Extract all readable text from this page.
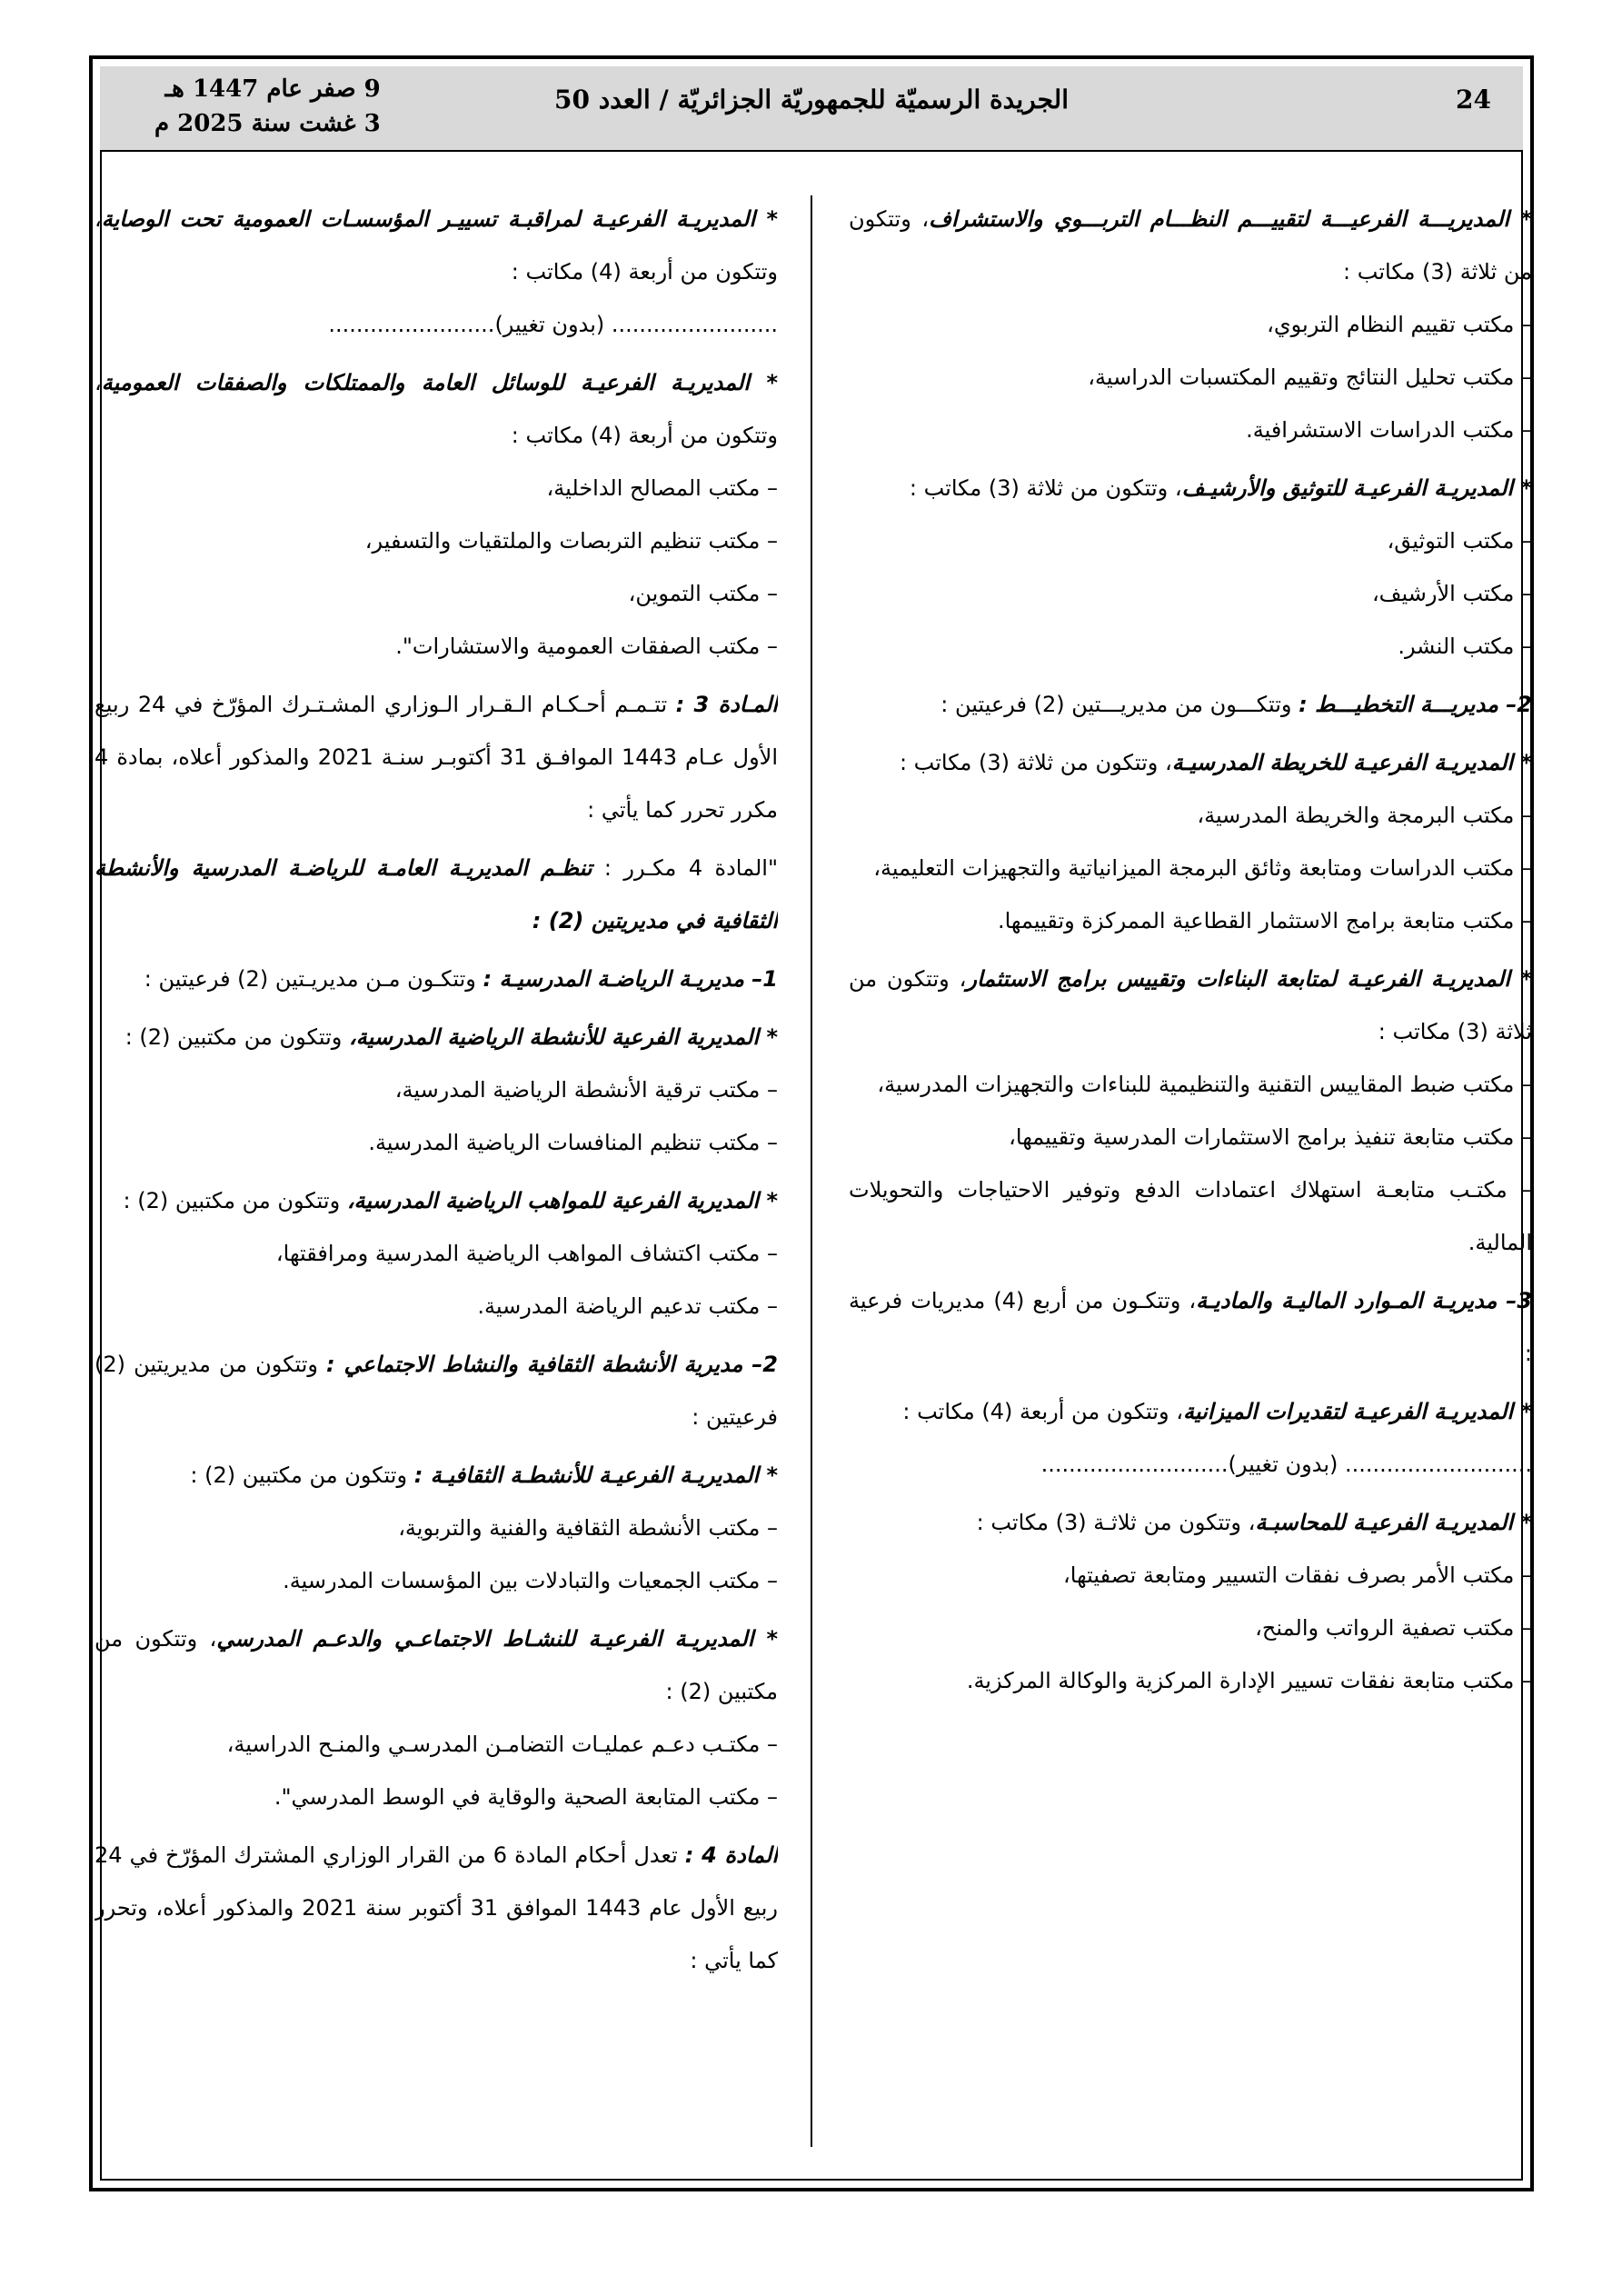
24
الجريدة الرسميّة للجمهوريّة الجزائريّة / العدد 50
9 صفر عام 1447 هـ
3 غشت سنة 2025 م

* المديريـــة الفرعيـــة لتقييـــم النظـــام التربـــوي والاستشراف، وتتكون من ثلاثة (3) مكاتب :

– مكتب تقييم النظام التربوي،

– مكتب تحليل النتائج وتقييم المكتسبات الدراسية،

– مكتب الدراسات الاستشرافية.

* المديريـة الفرعيـة للتوثيق والأرشيـف، وتتكون من ثلاثة (3) مكاتب :

– مكتب التوثيق،

– مكتب الأرشيف،

– مكتب النشر.

2– مديريـــة التخطيـــط : وتتكـــون من مديريـــتين (2) فرعيتين :

* المديريـة الفرعيـة للخريطة المدرسيـة، وتتكون من ثلاثة (3) مكاتب :

– مكتب البرمجة والخريطة المدرسية،

– مكتب الدراسات ومتابعة وثائق البرمجة الميزانياتية والتجهيزات التعليمية،

– مكتب متابعة برامج الاستثمار القطاعية الممركزة وتقييمها.

* المديريـة الفرعيـة لمتابعة البناءات وتقييس برامج الاستثمار، وتتكون من ثلاثة (3) مكاتب :

– مكتب ضبط المقاييس التقنية والتنظيمية للبناءات والتجهيزات المدرسية،

– مكتب متابعة تنفيذ برامج الاستثمارات المدرسية وتقييمها،

– مكتـب متابعـة استهلاك اعتمادات الدفع وتوفير الاحتياجات والتحويلات المالية.

3– مديريـة المـوارد الماليـة والماديـة، وتتكـون من أربع (4) مديريات فرعية :

* المديريـة الفرعيـة لتقديرات الميزانية، وتتكون من أربعة (4) مكاتب :

........................... (بدون تغيير)...........................

* المديريـة الفرعيـة للمحاسبـة، وتتكون من ثلاثـة (3) مكاتب :

– مكتب الأمر بصرف نفقات التسيير ومتابعة تصفيتها،

– مكتب تصفية الرواتب والمنح،

– مكتب متابعة نفقات تسيير الإدارة المركزية والوكالة المركزية.

* المديريـة الفرعيـة لمراقبـة تسييـر المؤسسـات العمومية تحت الوصاية، وتتكون من أربعة (4) مكاتب :

........................ (بدون تغيير)........................

* المديريـة الفرعيـة للوسائل العامة والممتلكات والصفقات العمومية، وتتكون من أربعة (4) مكاتب :

– مكتب المصالح الداخلية،

– مكتب تنظيم التربصات والملتقيات والتسفير،

– مكتب التموين،

– مكتب الصفقات العمومية والاستشارات".

المـادة 3 : تتـمـم أحـكـام الـقـرار الـوزاري المشـتـرك المؤرّخ في 24 ربيع الأول عـام 1443 الموافـق 31 أكتوبـر سنـة 2021 والمذكور أعلاه، بمادة 4 مكرر تحرر كما يأتي :

"المادة 4 مكـرر : تنظـم المديريـة العامـة للرياضـة المدرسية والأنشطة الثقافية في مديريتين (2) :

1– مديريـة الرياضـة المدرسيـة : وتتكـون مـن مديريـتين (2) فرعيتين :

* المديرية الفرعية للأنشطة الرياضية المدرسية، وتتكون من مكتبين (2) :

– مكتب ترقية الأنشطة الرياضية المدرسية،

– مكتب تنظيم المنافسات الرياضية المدرسية.

* المديرية الفرعية للمواهب الرياضية المدرسية، وتتكون من مكتبين (2) :

– مكتب اكتشاف المواهب الرياضية المدرسية ومرافقتها،

– مكتب تدعيم الرياضة المدرسية.

2– مديرية الأنشطة الثقافية والنشاط الاجتماعي : وتتكون من مديريتين (2) فرعيتين :

* المديريـة الفرعيـة للأنشطـة الثقافيـة : وتتكون من مكتبين (2) :

– مكتب الأنشطة الثقافية والفنية والتربوية،

– مكتب الجمعيات والتبادلات بين المؤسسات المدرسية.

* المديريـة الفرعيـة للنشـاط الاجتماعـي والدعـم المدرسي، وتتكون من مكتبين (2) :

– مكتـب دعـم عمليـات التضامـن المدرسـي والمنـح الدراسية،

– مكتب المتابعة الصحية والوقاية في الوسط المدرسي".

المادة 4 : تعدل أحكام المادة 6 من القرار الوزاري المشترك المؤرّخ في 24 ربيع الأول عام 1443 الموافق 31 أكتوبر سنة 2021 والمذكور أعلاه، وتحرر كما يأتي :
